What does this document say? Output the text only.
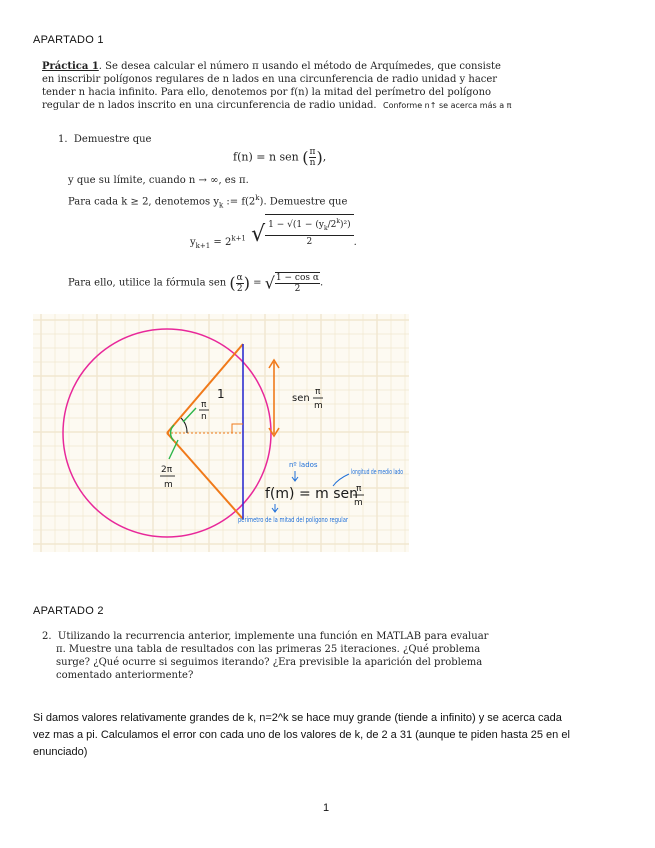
APARTADO 1
Práctica 1. Se desea calcular el número π usando el método de Arquímedes, que consiste
en inscribir polígonos regulares de n lados en una circunferencia de radio unidad y hacer
tender n hacia infinito. Para ello, denotemos por f(n) la mitad del perímetro del polígono
regular de n lados inscrito en una circunferencia de radio unidad. Conforme n↑ se acerca más a π
1. Demuestre que
f(n) = n sen ( $\frac{\pi}{n}$ ),
y que su límite, cuando n → ∞, es π.
Para cada k ≥ 2, denotemos $y_k$ := $f(2^k)$. Demuestre que
$y_{k+1} = 2^{k+1}$ √ $\frac{1 - √(1 - (y_k/2^k)^2)}{2}$ .
Para ello, utilice la fórmula sen ( $\frac{\alpha}{2}$ ) = √ $\frac{\text{1 − cos α}}{2}$ .
1
π
n
sen
π
m
2π
m
nº lados
longitud de medio lado
f(m) = m sen
π
m
perímetro de la mitad del polígono regular
APARTADO 2
2. Utilizando la recurrencia anterior, implemente una función en MATLAB para evaluar
π. Muestre una tabla de resultados con las primeras 25 iteraciones. ¿Qué problema
surge? ¿Qué ocurre si seguimos iterando? ¿Era previsible la aparición del problema
comentado anteriormente?
Si damos valores relativamente grandes de k, n=2^k se hace muy grande (tiende a infinito) y se acerca cada
vez mas a pi. Calculamos el error con cada uno de los valores de k, de 2 a 31 (aunque te piden hasta 25 en el
enunciado)
1
